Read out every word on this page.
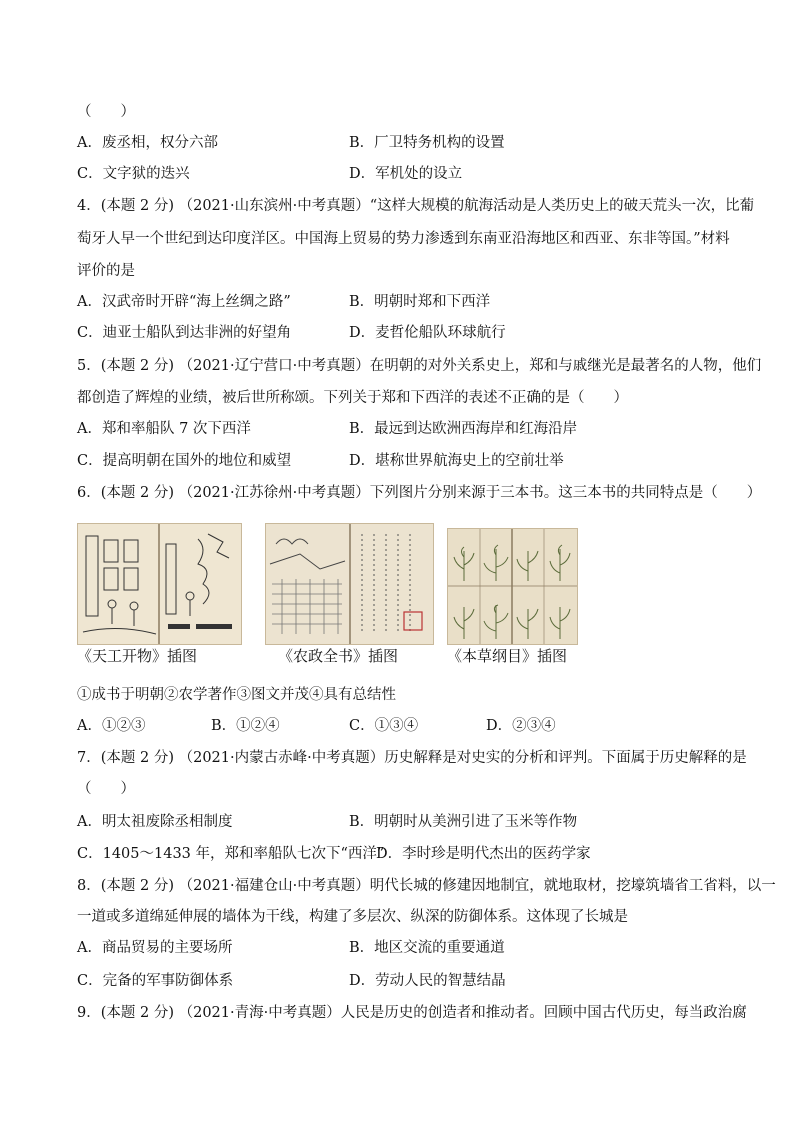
（　　）
A．废丞相，权分六部	B．厂卫特务机构的设置
C．文字狱的迭兴	D．军机处的设立
4．(本题 2 分) （2021·山东滨州·中考真题）“这样大规模的航海活动是人类历史上的破天荒头一次，比葡
萄牙人早一个世纪到达印度洋区。中国海上贸易的势力渗透到东南亚沿海地区和西亚、东非等国。”材料
评价的是
A．汉武帝时开辟“海上丝绸之路”	B．明朝时郑和下西洋
C．迪亚士船队到达非洲的好望角	D．麦哲伦船队环球航行
5．(本题 2 分) （2021·辽宁营口·中考真题）在明朝的对外关系史上，郑和与戚继光是最著名的人物，他们
都创造了辉煌的业绩，被后世所称颂。下列关于郑和下西洋的表述不正确的是（　　）
A．郑和率船队 7 次下西洋	B．最远到达欧洲西海岸和红海沿岸
C．提高明朝在国外的地位和威望	D．堪称世界航海史上的空前壮举
6．(本题 2 分) （2021·江苏徐州·中考真题）下列图片分别来源于三本书。这三本书的共同特点是（　　）
《天工开物》插图	《农政全书》插图	《本草纲目》插图
①成书于明朝②农学著作③图文并茂④具有总结性
A．①②③	B．①②④	C．①③④	D．②③④
7．(本题 2 分) （2021·内蒙古赤峰·中考真题）历史解释是对史实的分析和评判。下面属于历史解释的是
（　　）
A．明太祖废除丞相制度	B．明朝时从美洲引进了玉米等作物
C．1405～1433 年，郑和率船队七次下“西洋”
D．李时珍是明代杰出的医药学家
8．(本题 2 分) （2021·福建仓山·中考真题）明代长城的修建因地制宜，就地取材，挖壕筑墙省工省料，以一
一道或多道绵延伸展的墙体为干线，构建了多层次、纵深的防御体系。这体现了长城是
A．商品贸易的主要场所	B．地区交流的重要通道
C．完备的军事防御体系	D．劳动人民的智慧结晶
9．(本题 2 分) （2021·青海·中考真题）人民是历史的创造者和推动者。回顾中国古代历史，每当政治腐
